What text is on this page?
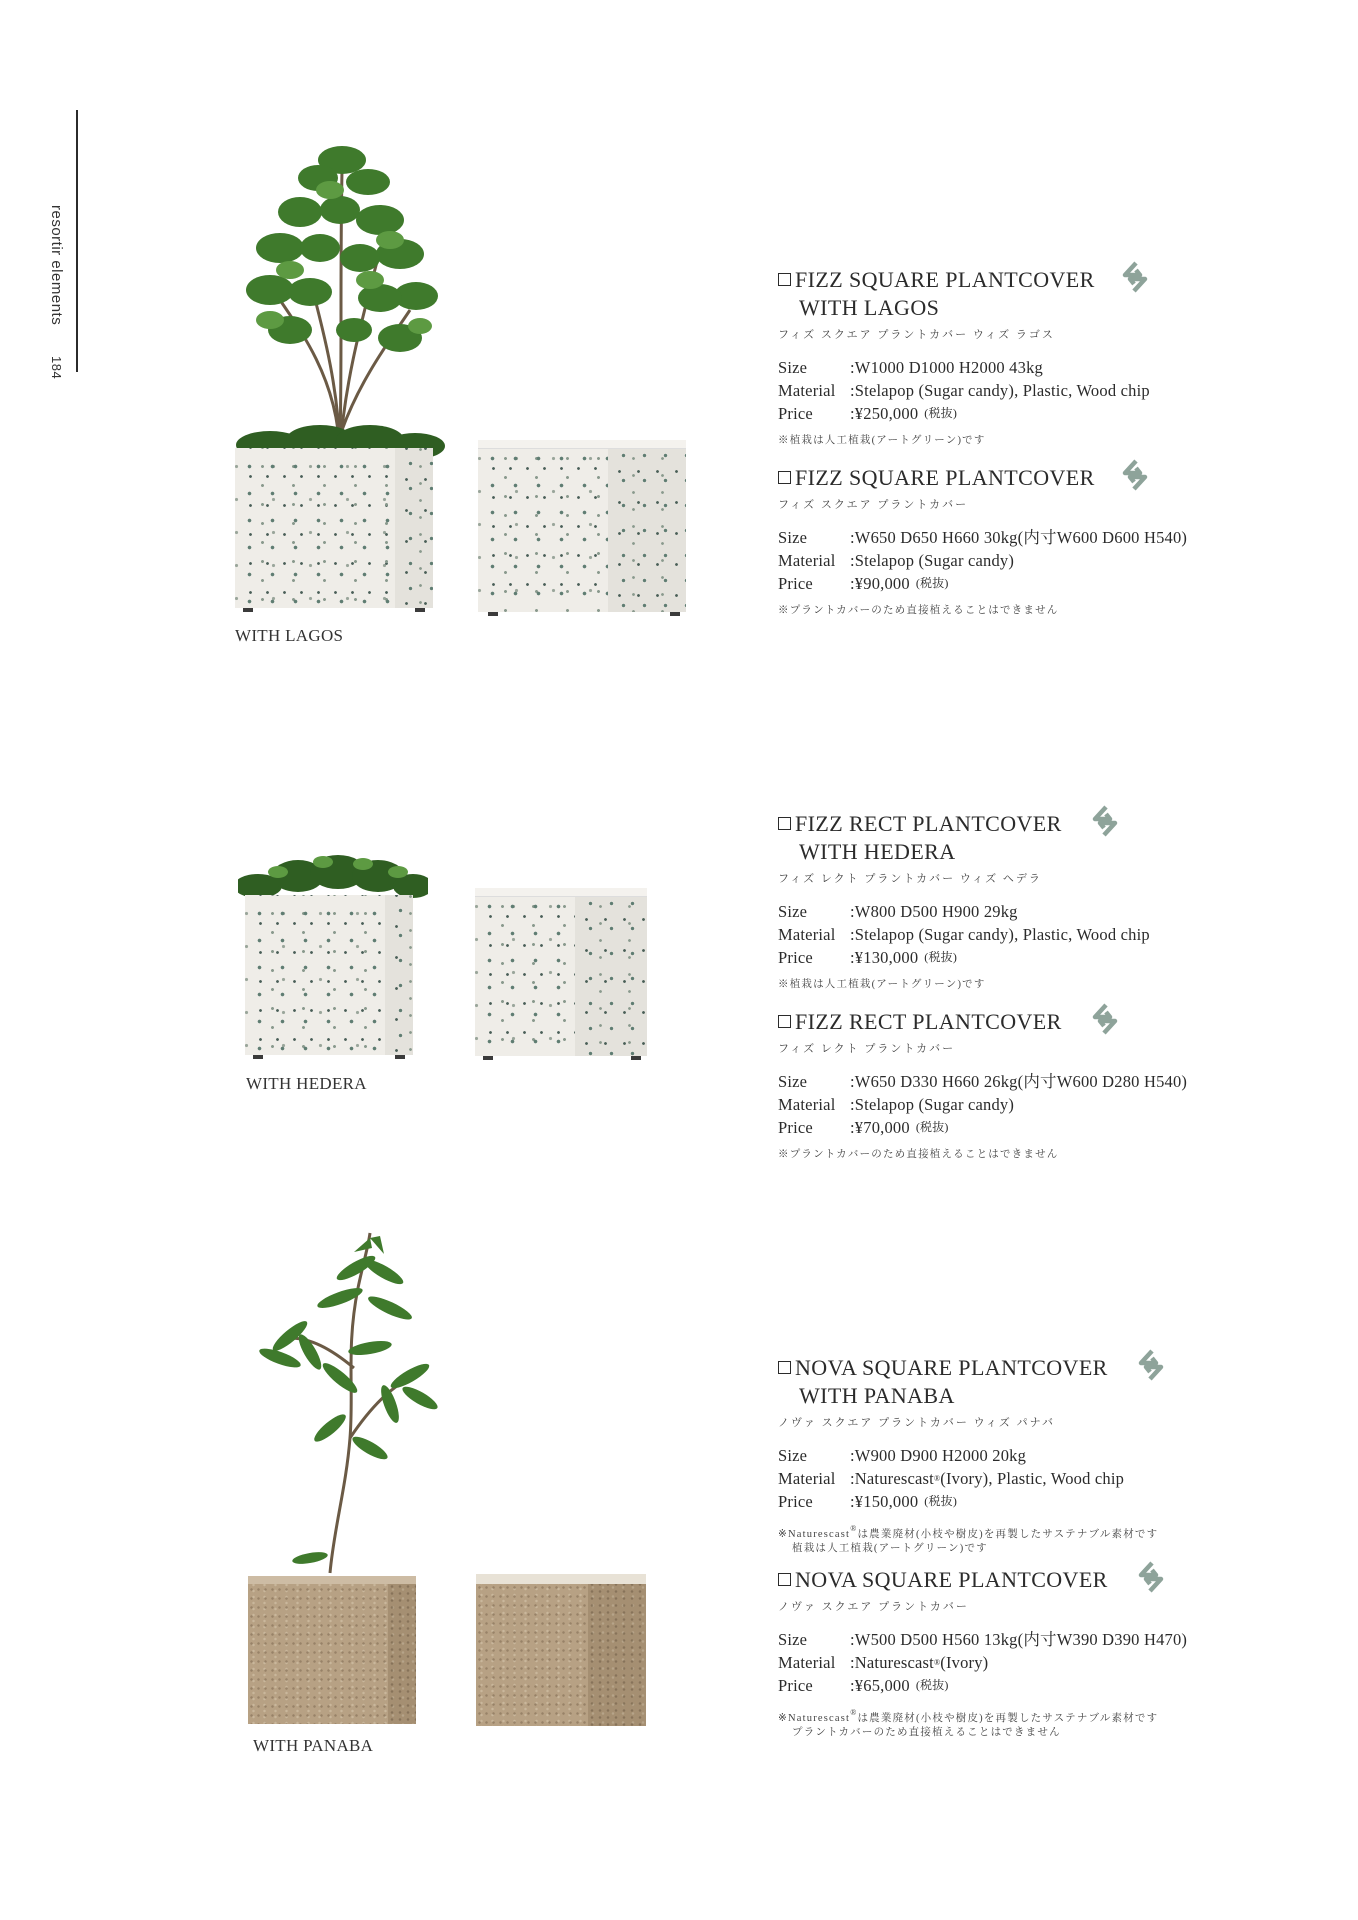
resortir elements 184
WITH LAGOS
WITH HEDERA
WITH PANABA
FIZZ SQUARE PLANTCOVER
WITH LAGOS
フィズ スクエア プラントカバー ウィズ ラゴス
Size	: W1000 D1000 H2000 43kg
Material : Stelapop (Sugar candy), Plastic, Wood chip
Price	: ¥250,000 (税抜)
※植栽は人工植栽(アートグリーン)です
FIZZ SQUARE PLANTCOVER
フィズ スクエア プラントカバー
Size	: W650 D650 H660 30kg(内寸W600 D600 H540)
Material : Stelapop (Sugar candy)
Price	: ¥90,000 (税抜)
※プラントカバーのため直接植えることはできません
FIZZ RECT PLANTCOVER
WITH HEDERA
フィズ レクト プラントカバー ウィズ ヘデラ
Size	: W800 D500 H900 29kg
Material : Stelapop (Sugar candy), Plastic, Wood chip
Price	: ¥130,000 (税抜)
※植栽は人工植栽(アートグリーン)です
FIZZ RECT PLANTCOVER
フィズ レクト プラントカバー
Size	: W650 D330 H660 26kg(内寸W600 D280 H540)
Material : Stelapop (Sugar candy)
Price	: ¥70,000 (税抜)
※プラントカバーのため直接植えることはできません
NOVA SQUARE PLANTCOVER
WITH PANABA
ノヴァ スクエア プラントカバー ウィズ パナバ
Size	: W900 D900 H2000 20kg
Material : Naturescast ® (Ivory), Plastic, Wood chip
Price	: ¥150,000 (税抜)
※Naturescast®は農業廃材(小枝や樹皮)を再製したサステナブル素材です
植栽は人工植栽(アートグリーン)です
NOVA SQUARE PLANTCOVER
ノヴァ スクエア プラントカバー
Size	: W500 D500 H560 13kg(内寸W390 D390 H470)
Material : Naturescast ® (Ivory)
Price	: ¥65,000 (税抜)
※Naturescast®は農業廃材(小枝や樹皮)を再製したサステナブル素材です
プラントカバーのため直接植えることはできません
